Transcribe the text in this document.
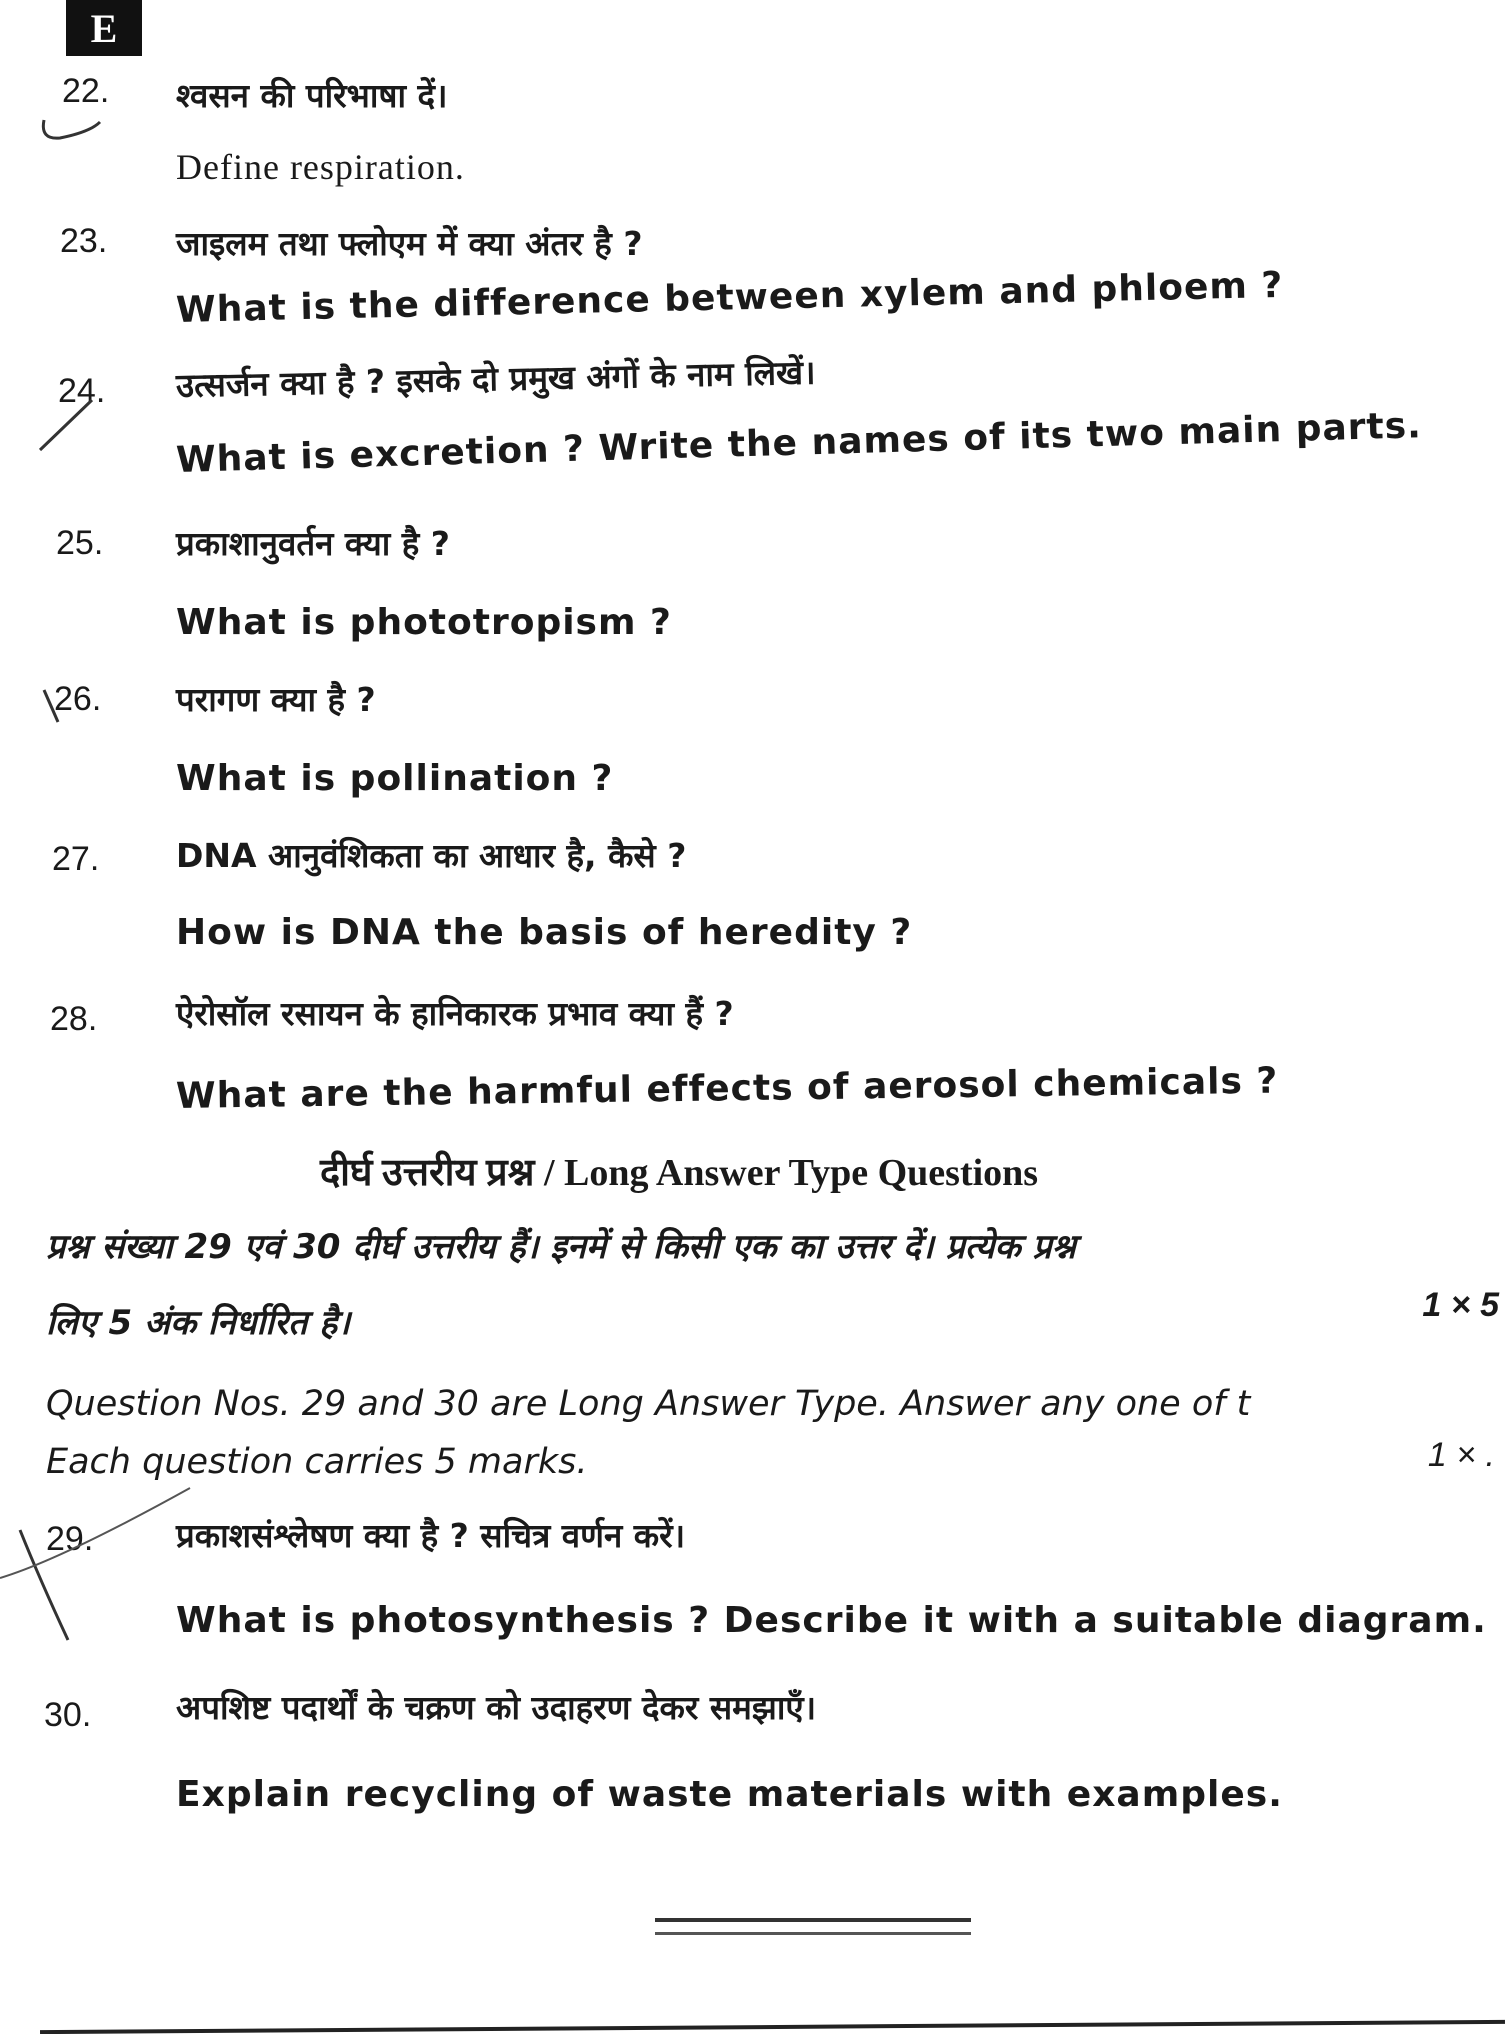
E
22. श्वसन की परिभाषा दें।
Define respiration.
23. जाइलम तथा फ्लोएम में क्या अंतर है ?
What is the difference between xylem and phloem ?
24. उत्सर्जन क्या है ? इसके दो प्रमुख अंगों के नाम लिखें।
What is excretion ? Write the names of its two main parts.
25. प्रकाशानुवर्तन क्या है ?
What is phototropism ?
26. परागण क्या है ?
What is pollination ?
27. DNA आनुवंशिकता का आधार है, कैसे ?
How is DNA the basis of heredity ?
28. ऐरोसॉल रसायन के हानिकारक प्रभाव क्या हैं ?
What are the harmful effects of aerosol chemicals ?
दीर्घ उत्तरीय प्रश्न / Long Answer Type Questions
प्रश्न संख्या 29 एवं 30 दीर्घ उत्तरीय हैं। इनमें से किसी एक का उत्तर दें। प्रत्येक प्रश्न
लिए 5 अंक निर्धारित है।	1 × 5
Question Nos. 29 and 30 are Long Answer Type. Answer any one of t
Each question carries 5 marks.	1 × .
29.	प्रकाशसंश्लेषण क्या है ? सचित्र वर्णन करें।
What is photosynthesis ? Describe it with a suitable diagram.
30.	अपशिष्ट पदार्थों के चक्रण को उदाहरण देकर समझाएँ।
Explain recycling of waste materials with examples.
